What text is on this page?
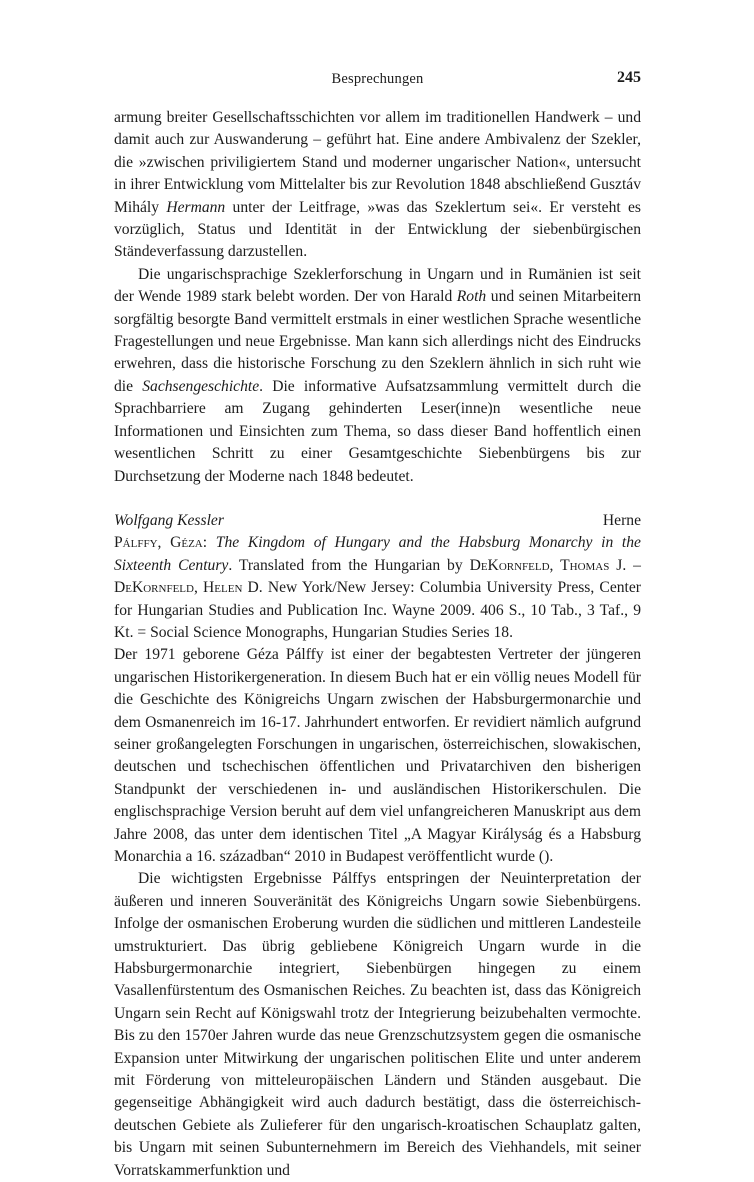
Besprechungen	245

armung breiter Gesellschaftsschichten vor allem im traditionellen Handwerk – und damit auch zur Auswanderung – geführt hat. Eine andere Ambivalenz der Szekler, die »zwischen priviligiertem Stand und moderner ungarischer Nation«, untersucht in ihrer Entwicklung vom Mittelalter bis zur Revolution 1848 abschließend Gusztáv Mihály Hermann unter der Leitfrage, »was das Szeklertum sei«. Er versteht es vorzüglich, Status und Identität in der Entwicklung der siebenbürgischen Ständeverfassung darzustellen.

Die ungarischsprachige Szeklerforschung in Ungarn und in Rumänien ist seit der Wende 1989 stark belebt worden. Der von Harald Roth und seinen Mitarbeitern sorgfältig besorgte Band vermittelt erstmals in einer westlichen Sprache wesentliche Fragestellungen und neue Ergebnisse. Man kann sich allerdings nicht des Eindrucks erwehren, dass die historische Forschung zu den Szeklern ähnlich in sich ruht wie die Sachsengeschichte. Die informative Aufsatzsammlung vermittelt durch die Sprachbarriere am Zugang gehinderten Leser(inne)n wesentliche neue Informationen und Einsichten zum Thema, so dass dieser Band hoffentlich einen wesentlichen Schritt zu einer Gesamtgeschichte Siebenbürgens bis zur Durchsetzung der Moderne nach 1848 bedeutet.

Wolfgang Kessler	Herne

Pálffy, Géza: The Kingdom of Hungary and the Habsburg Monarchy in the Sixteenth Century. Translated from the Hungarian by DeKornfeld, Thomas J. – DeKornfeld, Helen D. New York/New Jersey: Columbia University Press, Center for Hungarian Studies and Publication Inc. Wayne 2009. 406 S., 10 Tab., 3 Taf., 9 Kt. = Social Science Monographs, Hungarian Studies Series 18.

Der 1971 geborene Géza Pálffy ist einer der begabtesten Vertreter der jüngeren ungarischen Historikergeneration. In diesem Buch hat er ein völlig neues Modell für die Geschichte des Königreichs Ungarn zwischen der Habsburgermonarchie und dem Osmanenreich im 16-17. Jahrhundert entworfen. Er revidiert nämlich aufgrund seiner großangelegten Forschungen in ungarischen, österreichischen, slowakischen, deutschen und tschechischen öffentlichen und Privatarchiven den bisherigen Standpunkt der verschiedenen in- und ausländischen Historikerschulen. Die englischsprachige Version beruht auf dem viel unfangreicheren Manuskript aus dem Jahre 2008, das unter dem identischen Titel „A Magyar Királyság és a Habsburg Monarchia a 16. században“ 2010 in Budapest veröffentlicht wurde ().

Die wichtigsten Ergebnisse Pálffys entspringen der Neuinterpretation der äußeren und inneren Souveränität des Königreichs Ungarn sowie Siebenbürgens. Infolge der osmanischen Eroberung wurden die südlichen und mittleren Landesteile umstrukturiert. Das übrig gebliebene Königreich Ungarn wurde in die Habsburgermonarchie integriert, Siebenbürgen hingegen zu einem Vasallenfürstentum des Osmanischen Reiches. Zu beachten ist, dass das Königreich Ungarn sein Recht auf Königswahl trotz der Integrierung beizubehalten vermochte. Bis zu den 1570er Jahren wurde das neue Grenzschutzsystem gegen die osmanische Expansion unter Mitwirkung der ungarischen politischen Elite und unter anderem mit Förderung von mitteleuropäischen Ländern und Ständen ausgebaut. Die gegenseitige Abhängigkeit wird auch dadurch bestätigt, dass die österreichisch-deutschen Gebiete als Zulieferer für den ungarisch-kroatischen Schauplatz galten, bis Ungarn mit seinen Subunternehmern im Bereich des Viehhandels, mit seiner Vorratskammerfunktion und
